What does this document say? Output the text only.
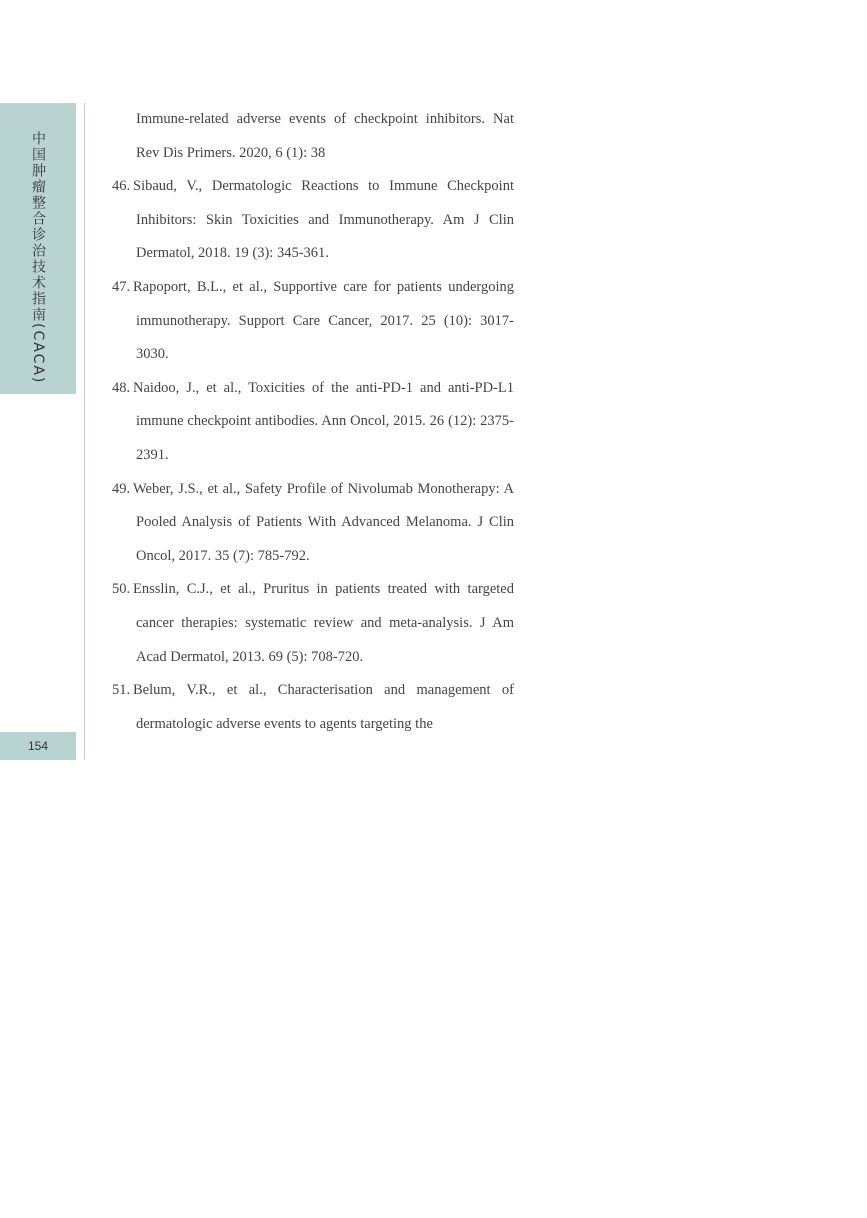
中国肿瘤整合诊治技术指南(CACA)
154
Immune-related adverse events of checkpoint inhibitors. Nat Rev Dis Primers. 2020, 6 (1): 38
46. Sibaud, V., Dermatologic Reactions to Immune Checkpoint Inhibitors: Skin Toxicities and Immunotherapy. Am J Clin Dermatol, 2018. 19 (3): 345-361.
47. Rapoport, B.L., et al., Supportive care for patients undergoing immunotherapy. Support Care Cancer, 2017. 25 (10): 3017-3030.
48. Naidoo, J., et al., Toxicities of the anti-PD-1 and anti-PD-L1 immune checkpoint antibodies. Ann Oncol, 2015. 26 (12): 2375-2391.
49. Weber, J.S., et al., Safety Profile of Nivolumab Monotherapy: A Pooled Analysis of Patients With Advanced Melanoma. J Clin Oncol, 2017. 35 (7): 785-792.
50. Ensslin, C.J., et al., Pruritus in patients treated with targeted cancer therapies: systematic review and meta-analysis. J Am Acad Dermatol, 2013. 69 (5): 708-720.
51. Belum, V.R., et al., Characterisation and management of dermatologic adverse events to agents targeting the
